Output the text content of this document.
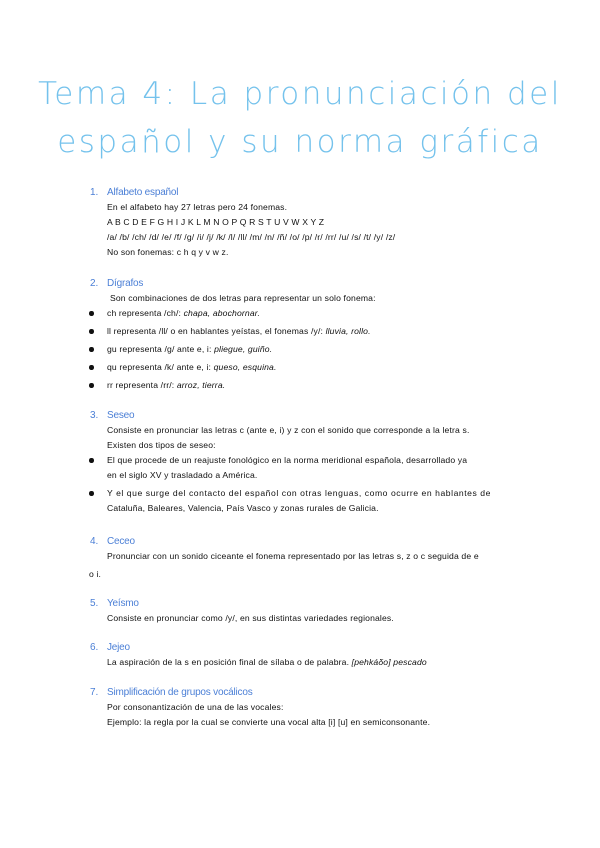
Tema 4: La pronunciación del
español y su norma gráfica
1. Alfabeto español
En el alfabeto hay 27 letras pero 24 fonemas.
A B C D E F G H I J K L M N O P Q R S T U V W X Y Z
/a/ /b/ /ch/ /d/ /e/ /f/ /g/ /i/ /j/ /k/ /l/ /ll/ /m/ /n/ /ñ/ /o/ /p/ /r/ /rr/ /u/ /s/ /t/ /y/ /z/
No son fonemas: c h q y v w z.
2. Dígrafos
Son combinaciones de dos letras para representar un solo fonema:
ch representa /ch/: chapa, abochornar.
ll representa /ll/ o en hablantes yeístas, el fonemas /y/: lluvia, rollo.
gu representa /g/ ante e, i: pliegue, guiño.
qu representa /k/ ante e, i: queso, esquina.
rr representa /rr/: arroz, tierra.
3. Seseo
Consiste en pronunciar las letras c (ante e, i) y z con el sonido que corresponde a la letra s.
Existen dos tipos de seseo:
El que procede de un reajuste fonológico en la norma meridional española, desarrollado ya
en el siglo XV y trasladado a América.
Y el que surge del contacto del español con otras lenguas, como ocurre en hablantes de
Cataluña, Baleares, Valencia, País Vasco y zonas rurales de Galicia.
4. Ceceo
Pronunciar con un sonido ciceante el fonema representado por las letras s, z o c seguida de e
o i.
5. Yeísmo
Consiste en pronunciar como /y/, en sus distintas variedades regionales.
6. Jejeo
La aspiración de la s en posición final de sílaba o de palabra. [pehkáδo] pescado
7. Simplificación de grupos vocálicos
Por consonantización de una de las vocales:
Ejemplo: la regla por la cual se convierte una vocal alta [i] [u] en semiconsonante.
